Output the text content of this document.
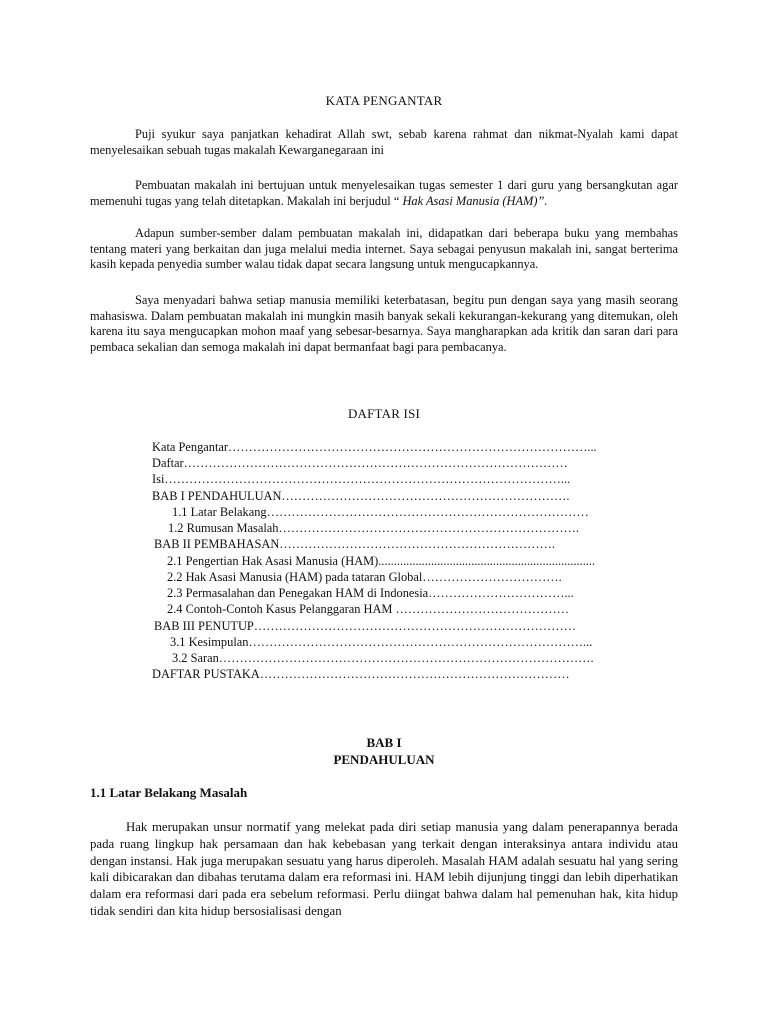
KATA PENGANTAR

Puji syukur saya panjatkan kehadirat Allah swt, sebab karena rahmat dan nikmat-Nyalah kami dapat menyelesaikan sebuah tugas makalah Kewarganegaraan ini

Pembuatan makalah ini bertujuan untuk menyelesaikan tugas semester 1 dari guru yang bersangkutan agar memenuhi tugas yang telah ditetapkan. Makalah ini berjudul “ Hak Asasi Manusia (HAM)”.

Adapun sumber-sember dalam pembuatan makalah ini, didapatkan dari beberapa buku yang membahas tentang materi yang berkaitan dan juga melalui media internet. Saya sebagai penyusun makalah ini, sangat berterima kasih kepada penyedia sumber walau tidak dapat secara langsung untuk mengucapkannya.

Saya menyadari bahwa setiap manusia memiliki keterbatasan, begitu pun dengan saya yang masih seorang mahasiswa. Dalam pembuatan makalah ini mungkin masih banyak sekali kekurangan-kekurang yang ditemukan, oleh karena itu saya mengucapkan mohon maaf yang sebesar-besarnya. Saya mangharapkan ada kritik dan saran dari para pembaca sekalian dan semoga makalah ini dapat bermanfaat bagi para pembacanya.

DAFTAR ISI
Kata Pengantar……………………………………………………………………………...
Daftar…………………………………………………………………………………
Isi……………………………………………………………………………………...
BAB I PENDAHULUAN…………………………………………………………….
1.1 Latar Belakang……………………………………………………………………
1.2 Rumusan Masalah……………………………………………………………….
BAB II PEMBAHASAN………………………………………………………….
2.1 Pengertian Hak Asasi Manusia (HAM)......................................................................
2.2 Hak Asasi Manusia (HAM) pada tataran Global…………………………….
2.3 Permasalahan dan Penegakan HAM di Indonesia……………………………...
2.4 Contoh-Contoh Kasus Pelanggaran HAM ……………………………………
BAB III PENUTUP……………………………………………………………………
3.1 Kesimpulan………………………………………………………………………...
3.2 Saran……………………………………………………………………………….
DAFTAR PUSTAKA…………………………………………………………………
BAB I
PENDAHULUAN
1.1 Latar Belakang Masalah

Hak merupakan unsur normatif yang melekat pada diri setiap manusia yang dalam penerapannya berada pada ruang lingkup hak persamaan dan hak kebebasan yang terkait dengan interaksinya antara individu atau dengan instansi. Hak juga merupakan sesuatu yang harus diperoleh. Masalah HAM adalah sesuatu hal yang sering kali dibicarakan dan dibahas terutama dalam era reformasi ini. HAM lebih dijunjung tinggi dan lebih diperhatikan dalam era reformasi dari pada era sebelum reformasi. Perlu diingat bahwa dalam hal pemenuhan hak, kita hidup tidak sendiri dan kita hidup bersosialisasi dengan
